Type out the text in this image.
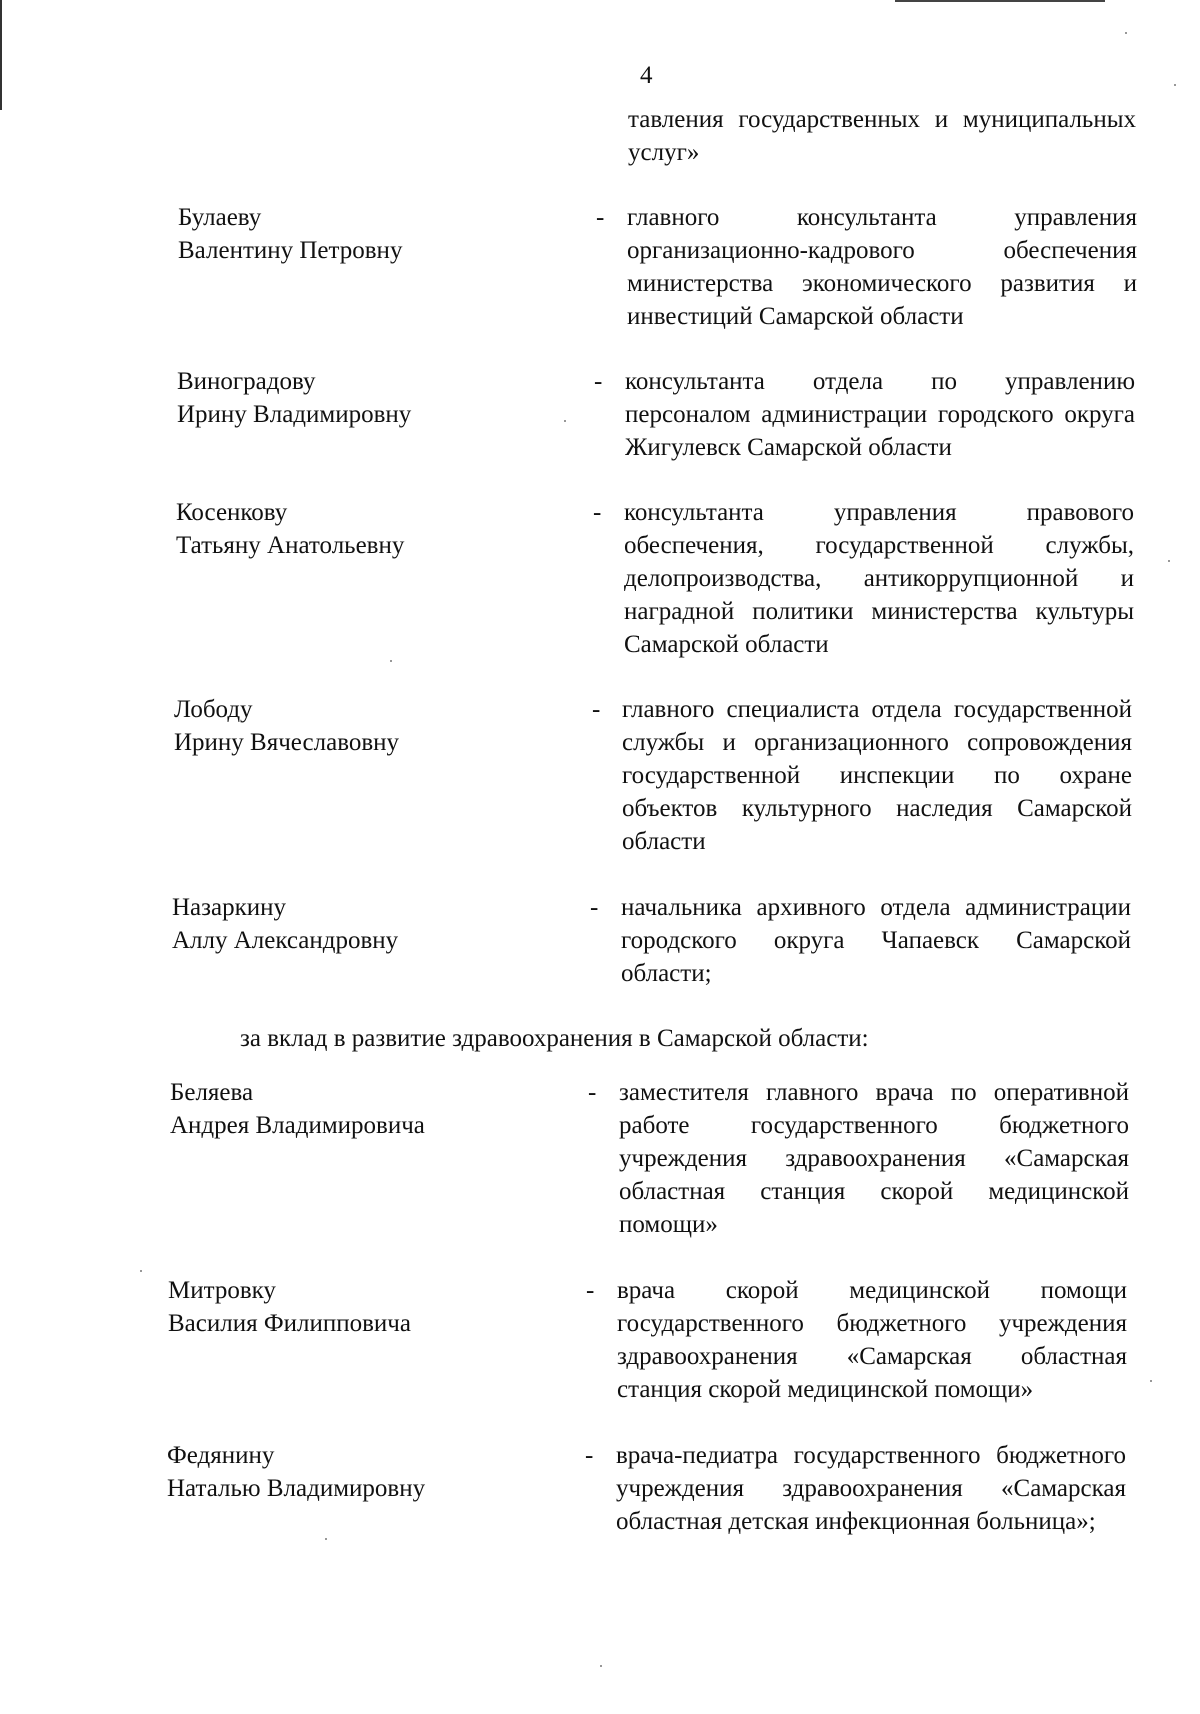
4
тавления государственных и муниципальных услуг»
Булаеву
Валентину Петровну
- главного консультанта управления организационно-кадрового обеспечения министерства экономического развития и инвестиций Самарской области
Виноградову
Ирину Владимировну
- консультанта отдела по управлению персоналом администрации городского округа Жигулевск Самарской области
Косенкову
Татьяну Анатольевну
- консультанта управления правового обеспечения, государственной службы, делопроизводства, антикоррупционной и наградной политики министерства культуры Самарской области
Лободу
Ирину Вячеславовну
- главного специалиста отдела государственной службы и организационного сопровождения государственной инспекции по охране объектов культурного наследия Самарской области
Назаркину
Аллу Александровну
- начальника архивного отдела администрации городского округа Чапаевск Самарской области;
за вклад в развитие здравоохранения в Самарской области:
Беляева
Андрея Владимировича
- заместителя главного врача по оперативной работе государственного бюджетного учреждения здравоохранения «Самарская областная станция скорой медицинской помощи»
Митровку
Василия Филипповича
- врача скорой медицинской помощи государственного бюджетного учреждения здравоохранения «Самарская областная станция скорой медицинской помощи»
Федянину
Наталью Владимировну
- врача-педиатра государственного бюджетного учреждения здравоохранения «Самарская областная детская инфекционная больница»;
